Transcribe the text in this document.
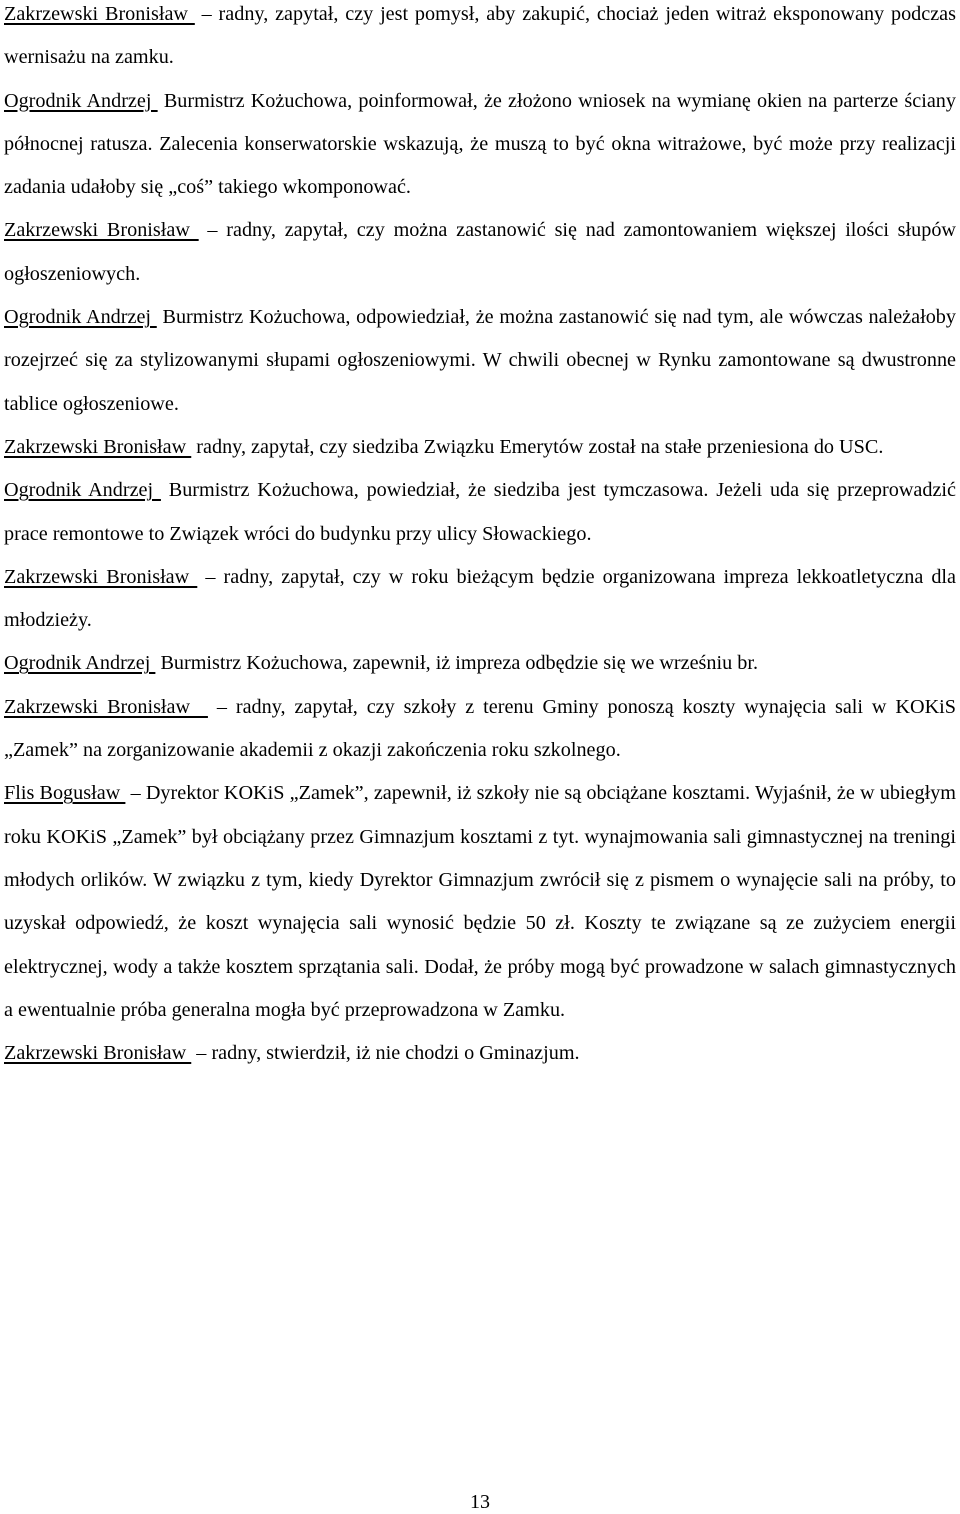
Zakrzewski Bronisław  – radny, zapytał, czy jest pomysł, aby zakupić, chociaż jeden witraż eksponowany podczas wernisażu na zamku.

Ogrodnik Andrzej  Burmistrz Kożuchowa, poinformował, że złożono wniosek na wymianę okien na parterze ściany północnej ratusza. Zalecenia konserwatorskie wskazują, że muszą to być okna witrażowe, być może przy realizacji zadania udałoby się „coś” takiego wkomponować.

Zakrzewski Bronisław  – radny, zapytał, czy można zastanowić się nad zamontowaniem większej ilości słupów ogłoszeniowych.

Ogrodnik Andrzej  Burmistrz Kożuchowa, odpowiedział, że można zastanowić się nad tym, ale wówczas należałoby rozejrzeć się za stylizowanymi słupami ogłoszeniowymi. W chwili obecnej w Rynku zamontowane są dwustronne tablice ogłoszeniowe.

Zakrzewski Bronisław  radny, zapytał, czy siedziba Związku Emerytów został na stałe przeniesiona do USC.

Ogrodnik Andrzej  Burmistrz Kożuchowa, powiedział, że siedziba jest tymczasowa. Jeżeli uda się przeprowadzić prace remontowe to Związek wróci do budynku przy ulicy Słowackiego.

Zakrzewski Bronisław  – radny, zapytał, czy w roku bieżącym będzie organizowana impreza lekkoatletyczna dla młodzieży.

Ogrodnik Andrzej  Burmistrz Kożuchowa, zapewnił, iż impreza odbędzie się we wrześniu br.

Zakrzewski Bronisław   – radny, zapytał, czy szkoły z terenu Gminy ponoszą koszty wynajęcia sali w KOKiS „Zamek” na zorganizowanie akademii z okazji zakończenia roku szkolnego.

Flis Bogusław  – Dyrektor KOKiS „Zamek”, zapewnił, iż szkoły nie są obciążane kosztami. Wyjaśnił, że w ubiegłym roku KOKiS „Zamek” był obciążany przez Gimnazjum kosztami z tyt. wynajmowania sali gimnastycznej na treningi młodych orlików. W związku z tym, kiedy Dyrektor Gimnazjum zwrócił się z pismem o wynajęcie sali na próby, to uzyskał odpowiedź, że koszt wynajęcia sali wynosić będzie 50 zł. Koszty te związane są ze zużyciem energii elektrycznej, wody a także kosztem sprzątania sali. Dodał, że próby mogą być prowadzone w salach gimnastycznych a ewentualnie próba generalna mogła być przeprowadzona w Zamku.

Zakrzewski Bronisław  – radny, stwierdził, iż nie chodzi o Gminazjum.

13
